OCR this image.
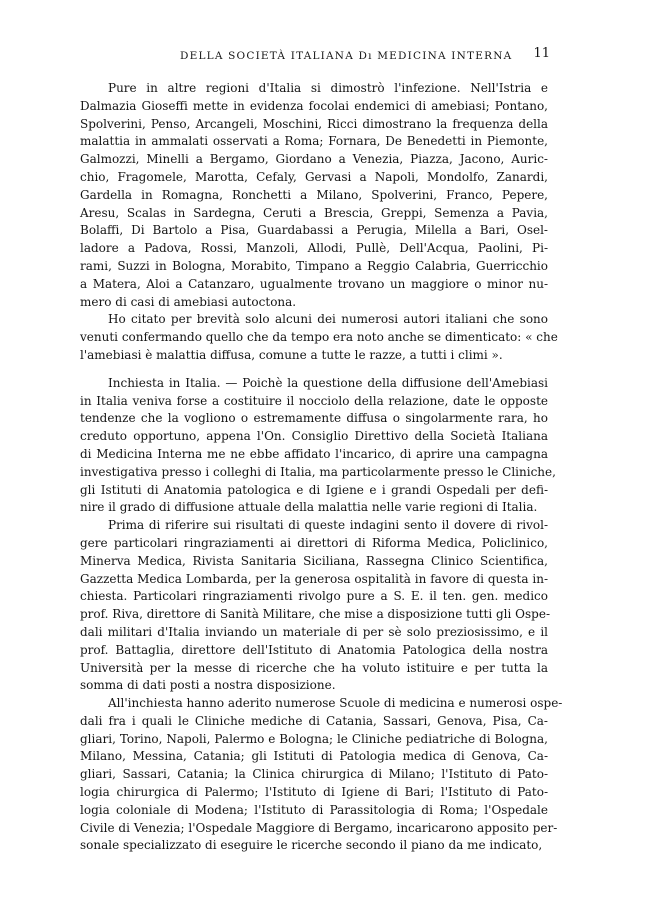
DELLA SOCIETÀ ITALIANA Dı MEDICINA INTERNA 11
Pure in altre regioni d'Italia si dimostrò l'infezione. Nell'Istria e
Dalmazia Gioseffi mette in evidenza focolai endemici di amebiasi; Pontano,
Spolverini, Penso, Arcangeli, Moschini, Ricci dimostrano la frequenza della
malattia in ammalati osservati a Roma; Fornara, De Benedetti in Piemonte,
Galmozzi, Minelli a Bergamo, Giordano a Venezia, Piazza, Jacono, Auric-
chio, Fragomele, Marotta, Cefaly, Gervasi a Napoli, Mondolfo, Zanardi,
Gardella in Romagna, Ronchetti a Milano, Spolverini, Franco, Pepere,
Aresu, Scalas in Sardegna, Ceruti a Brescia, Greppi, Semenza a Pavia,
Bolaffi, Di Bartolo a Pisa, Guardabassi a Perugia, Milella a Bari, Osel-
ladore a Padova, Rossi, Manzoli, Allodi, Pullè, Dell'Acqua, Paolini, Pi-
rami, Suzzi in Bologna, Morabito, Timpano a Reggio Calabria, Guerricchio
a Matera, Aloi a Catanzaro, ugualmente trovano un maggiore o minor nu-
mero di casi di amebiasi autoctona.
Ho citato per brevità solo alcuni dei numerosi autori italiani che sono
venuti confermando quello che da tempo era noto anche se dimenticato: « che
l'amebiasi è malattia diffusa, comune a tutte le razze, a tutti i climi ».
Inchiesta in Italia. — Poichè la questione della diffusione dell'Amebiasi
in Italia veniva forse a costituire il nocciolo della relazione, date le opposte
tendenze che la vogliono o estremamente diffusa o singolarmente rara, ho
creduto opportuno, appena l'On. Consiglio Direttivo della Società Italiana
di Medicina Interna me ne ebbe affidato l'incarico, di aprire una campagna
investigativa presso i colleghi di Italia, ma particolarmente presso le Cliniche,
gli Istituti di Anatomia patologica e di Igiene e i grandi Ospedali per defi-
nire il grado di diffusione attuale della malattia nelle varie regioni di Italia.
Prima di riferire sui risultati di queste indagini sento il dovere di rivol-
gere particolari ringraziamenti ai direttori di Riforma Medica, Policlinico,
Minerva Medica, Rivista Sanitaria Siciliana, Rassegna Clinico Scientifica,
Gazzetta Medica Lombarda, per la generosa ospitalità in favore di questa in-
chiesta. Particolari ringraziamenti rivolgo pure a S. E. il ten. gen. medico
prof. Riva, direttore di Sanità Militare, che mise a disposizione tutti gli Ospe-
dali militari d'Italia inviando un materiale di per sè solo preziosissimo, e il
prof. Battaglia, direttore dell'Istituto di Anatomia Patologica della nostra
Università per la messe di ricerche che ha voluto istituire e per tutta la
somma di dati posti a nostra disposizione.
All'inchiesta hanno aderito numerose Scuole di medicina e numerosi ospe-
dali fra i quali le Cliniche mediche di Catania, Sassari, Genova, Pisa, Ca-
gliari, Torino, Napoli, Palermo e Bologna; le Cliniche pediatriche di Bologna,
Milano, Messina, Catania; gli Istituti di Patologia medica di Genova, Ca-
gliari, Sassari, Catania; la Clinica chirurgica di Milano; l'Istituto di Pato-
logia chirurgica di Palermo; l'Istituto di Igiene di Bari; l'Istituto di Pato-
logia coloniale di Modena; l'Istituto di Parassitologia di Roma; l'Ospedale
Civile di Venezia; l'Ospedale Maggiore di Bergamo, incaricarono apposito per-
sonale specializzato di eseguire le ricerche secondo il piano da me indicato,
